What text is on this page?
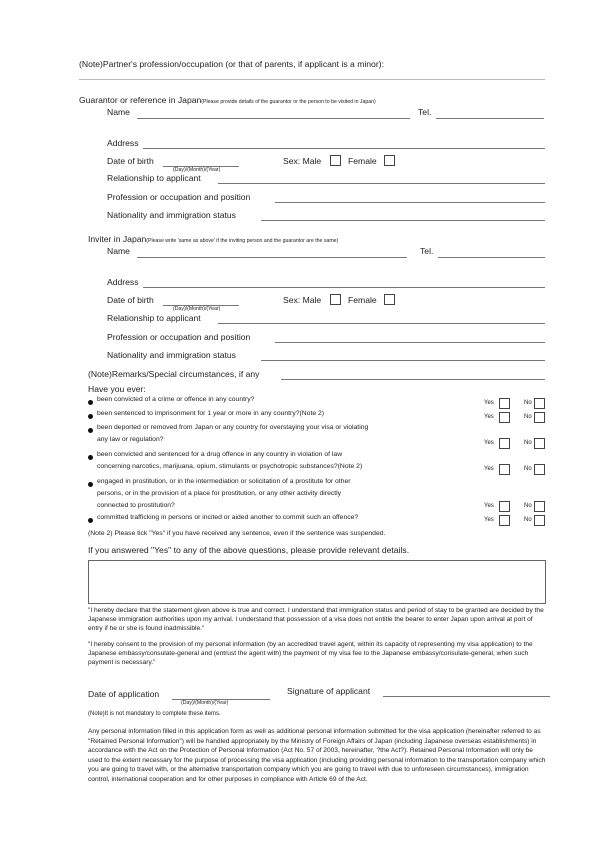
(Note)Partner's profession/occupation (or that of parents, if applicant is a minor):
Guarantor or reference in Japan(Please provide details of the guarantor or the person to be visited in Japan)
Name	Tel.
Address
Date of birth
(Day)/(Month)/(Year)
Sex: Male	Female
Relationship to applicant
Profession or occupation and position
Nationality and immigration status
Inviter in Japan(Please write 'same as above' if the inviting person and the guarantor are the same)
Name	Tel.
Address
Date of birth
(Day)/(Month)/(Year)
Sex: Male	Female
Relationship to applicant
Profession or occupation and position
Nationality and immigration status
(Note)Remarks/Special circumstances, if any
Have you ever:
been convicted of a crime or offence in any country?	Yes	No
been sentenced to imprisonment for 1 year or more in any country?(Note 2)	Yes	No
been deported or removed from Japan or any country for overstaying your visa or violating
any law or regulation?	Yes	No
been convicted and sentenced for a drug offence in any country in violation of law
concerning narcotics, marijuana, opium, stimulants or psychotropic substances?(Note 2)	Yes	No
engaged in prostitution, or in the intermediation or solicitation of a prostitute for other
persons, or in the provision of a place for prostitution, or any other activity directly
connected to prostitution?	Yes	No
committed trafficking in persons or incited or aided another to commit such an offence?	Yes	No
(Note 2) Please tick "Yes" if you have received any sentence, even if the sentence was suspended.
If you answered "Yes" to any of the above questions, please provide relevant details.
"I hereby declare that the statement given above is true and correct. I understand that immigration status and period of stay to be granted are decided by the Japanese immigration authorities upon my arrival. I understand that possession of a visa does not entitle the bearer to enter Japan upon arrival at port of entry if he or she is found inadmissible."
"I hereby consent to the provision of my personal information (by an accredited travel agent, within its capacity of representing my visa application) to the Japanese embassy/consulate-general and (entrust the agent with) the payment of my visa fee to the Japanese embassy/consulate-general, when such payment is necessary."
Date of application
(Day)/(Month)/(Year)
Signature of applicant
(Note)It is not mandatory to complete these items.
Any personal information filled in this application form as well as additional personal information submitted for the visa application (hereinafter referred to as "Retained Personal Information") will be handled appropriately by the Ministry of Foreign Affairs of Japan (including Japanese overseas establishments) in accordance with the Act on the Protection of Personal Information (Act No. 57 of 2003, hereinafter, ?the Act?). Retained Personal Information will only be used to the extent necessary for the purpose of processing the visa application (including providing personal information to the transportation company which you are going to travel with, or the alternative transportation company which you are going to travel with due to unforeseen circumstances), immigration control, international cooperation and for other purposes in compliance with Article 69 of the Act.
